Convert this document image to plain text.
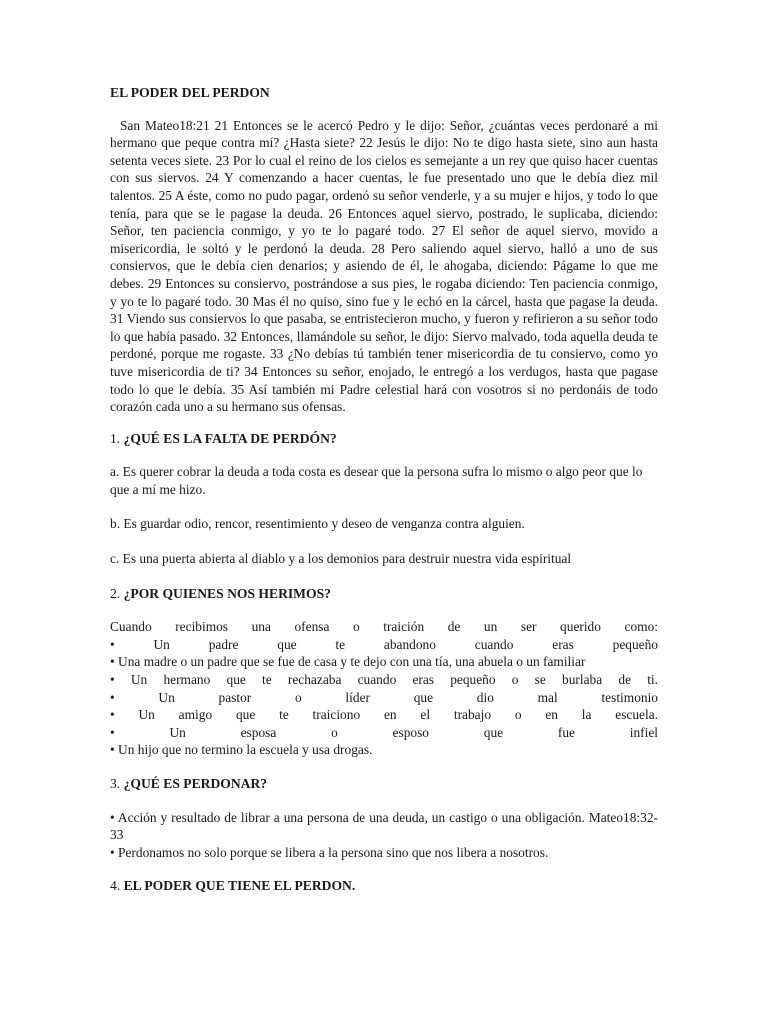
EL PODER DEL PERDON

San Mateo18:21 21 Entonces se le acercó Pedro y le dijo: Señor, ¿cuántas veces perdonaré a mi hermano que peque contra mí? ¿Hasta siete? 22 Jesús le dijo: No te digo hasta siete, sino aun hasta setenta veces siete. 23 Por lo cual el reino de los cielos es semejante a un rey que quiso hacer cuentas con sus siervos. 24 Y comenzando a hacer cuentas, le fue presentado uno que le debía diez mil talentos. 25 A éste, como no pudo pagar, ordenó su señor venderle, y a su mujer e hijos, y todo lo que tenía, para que se le pagase la deuda. 26 Entonces aquel siervo, postrado, le suplicaba, diciendo: Señor, ten paciencia conmigo, y yo te lo pagaré todo. 27 El señor de aquel siervo, movido a misericordia, le soltó y le perdonó la deuda. 28 Pero saliendo aquel siervo, halló a uno de sus consiervos, que le debía cien denarios; y asiendo de él, le ahogaba, diciendo: Págame lo que me debes. 29 Entonces su consiervo, postrándose a sus pies, le rogaba diciendo: Ten paciencia conmigo, y yo te lo pagaré todo. 30 Mas él no quiso, sino fue y le echó en la cárcel, hasta que pagase la deuda. 31 Viendo sus consiervos lo que pasaba, se entristecieron mucho, y fueron y refirieron a su señor todo lo que había pasado. 32 Entonces, llamándole su señor, le dijo: Siervo malvado, toda aquella deuda te perdoné, porque me rogaste. 33 ¿No debías tú también tener misericordia de tu consiervo, como yo tuve misericordia de ti? 34 Entonces su señor, enojado, le entregó a los verdugos, hasta que pagase todo lo que le debía. 35 Así también mi Padre celestial hará con vosotros si no perdonáis de todo corazón cada uno a su hermano sus ofensas.

1. ¿QUÉ ES LA FALTA DE PERDÓN?

a. Es querer cobrar la deuda a toda costa es desear que la persona sufra lo mismo o algo peor que lo que a mí me hizo.

b. Es guardar odio, rencor, resentimiento y deseo de venganza contra alguien.

c. Es una puerta abierta al diablo y a los demonios para destruir nuestra vida espiritual

2. ¿POR QUIENES NOS HERIMOS?

Cuando recibimos una ofensa o traición de un ser querido como:
• Un padre que te abandono cuando eras pequeño
• Una madre o un padre que se fue de casa y te dejo con una tía, una abuela o un familiar
• Un hermano que te rechazaba cuando eras pequeño o se burlaba de ti.
• Un pastor o líder que dio mal testimonio
• Un amigo que te traiciono en el trabajo o en la escuela.
• Un esposa o esposo que fue infiel
• Un hijo que no termino la escuela y usa drogas.

3. ¿QUÉ ES PERDONAR?

• Acción y resultado de librar a una persona de una deuda, un castigo o una obligación. Mateo18:32-33
• Perdonamos no solo porque se libera a la persona sino que nos libera a nosotros.

4. EL PODER QUE TIENE EL PERDON.
